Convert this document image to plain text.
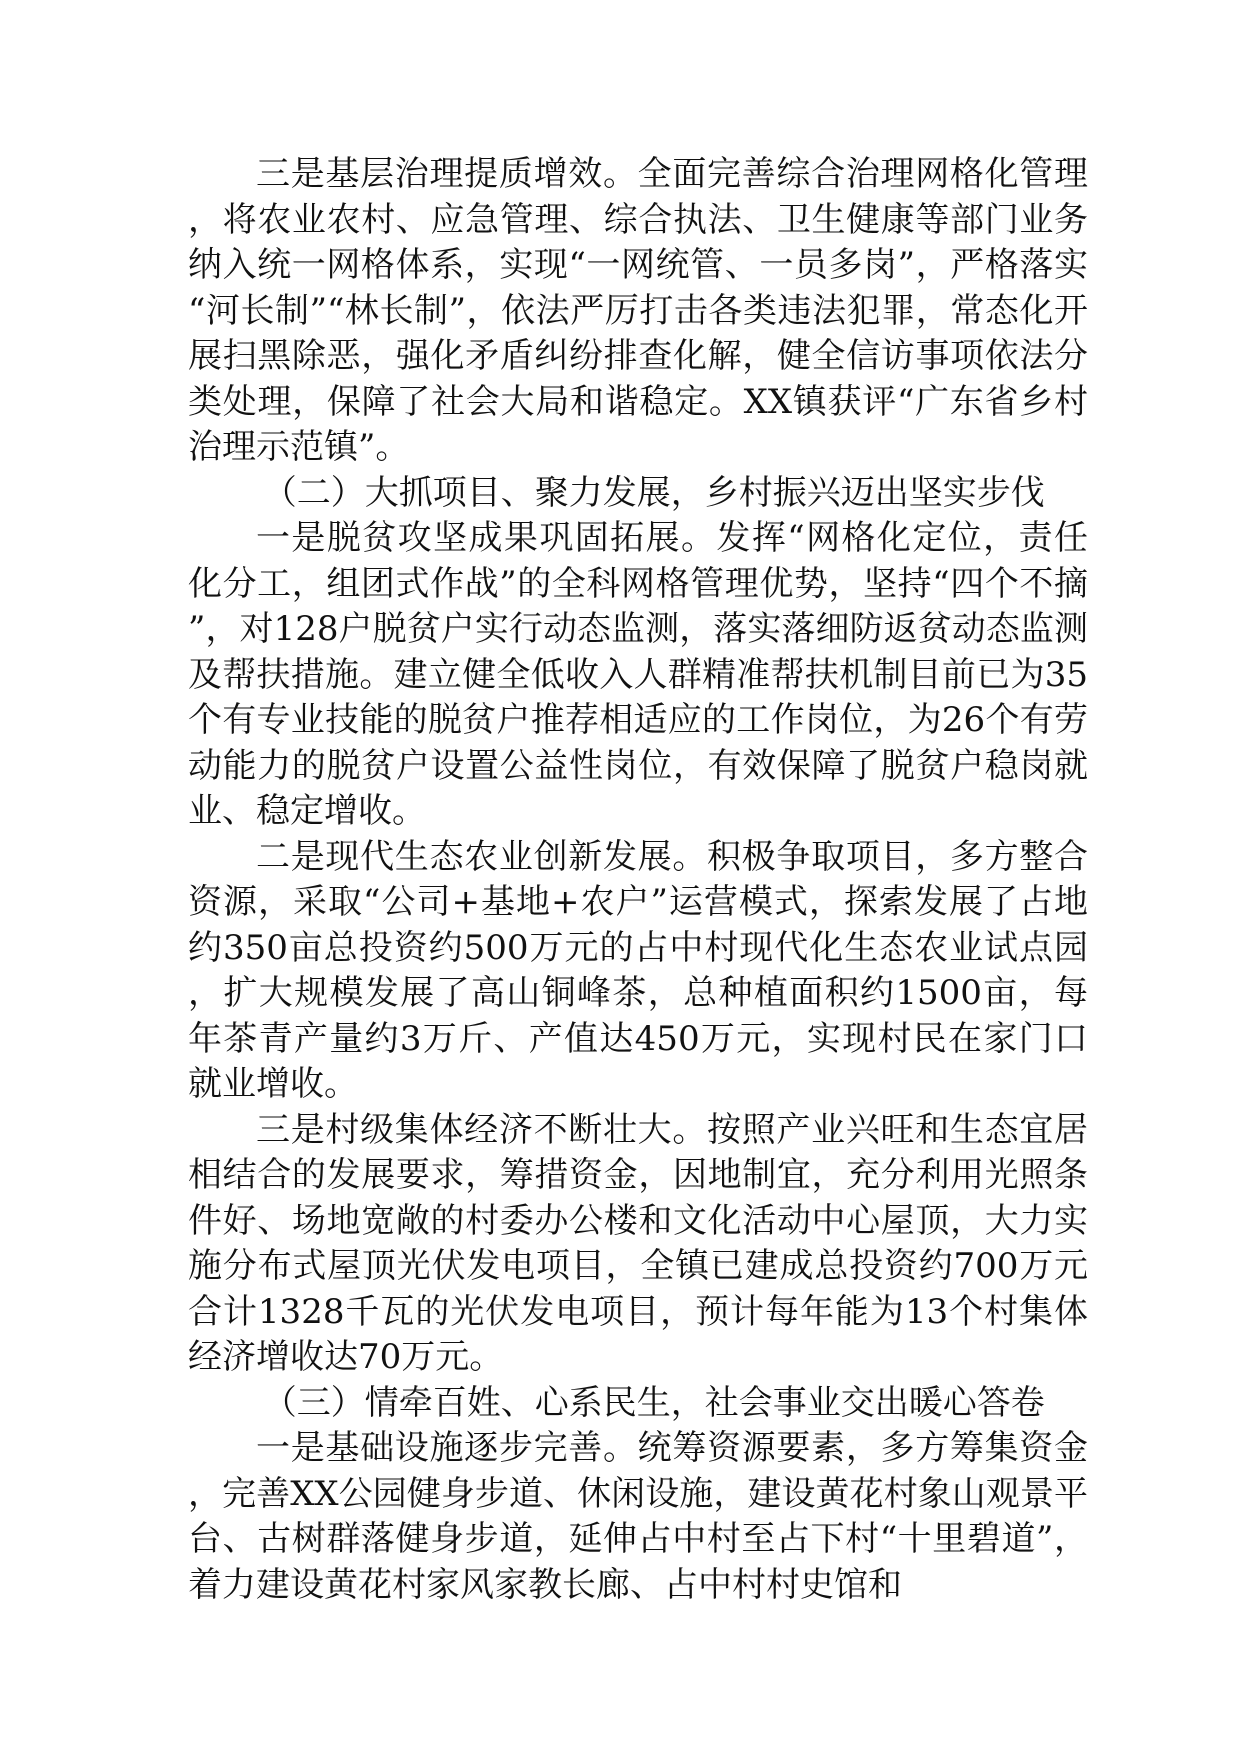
三是基层治理提质增效。全面完善综合治理网格化管理，将农业农村、应急管理、综合执法、卫生健康等部门业务纳入统一网格体系，实现“一网统管、一员多岗”，严格落实“河长制”“林长制”，依法严厉打击各类违法犯罪，常态化开展扫黑除恶，强化矛盾纠纷排查化解，健全信访事项依法分类处理，保障了社会大局和谐稳定。XX镇获评“广东省乡村治理示范镇”。

（二）大抓项目、聚力发展，乡村振兴迈出坚实步伐

一是脱贫攻坚成果巩固拓展。发挥“网格化定位，责任化分工，组团式作战”的全科网格管理优势，坚持“四个不摘”，对128户脱贫户实行动态监测，落实落细防返贫动态监测及帮扶措施。建立健全低收入人群精准帮扶机制目前已为35个有专业技能的脱贫户推荐相适应的工作岗位，为26个有劳动能力的脱贫户设置公益性岗位，有效保障了脱贫户稳岗就业、稳定增收。

二是现代生态农业创新发展。积极争取项目，多方整合资源，采取“公司+基地+农户”运营模式，探索发展了占地约350亩总投资约500万元的占中村现代化生态农业试点园，扩大规模发展了高山铜峰茶，总种植面积约1500亩，每年茶青产量约3万斤、产值达450万元，实现村民在家门口就业增收。

三是村级集体经济不断壮大。按照产业兴旺和生态宜居相结合的发展要求，筹措资金，因地制宜，充分利用光照条件好、场地宽敞的村委办公楼和文化活动中心屋顶，大力实施分布式屋顶光伏发电项目，全镇已建成总投资约700万元合计1328千瓦的光伏发电项目，预计每年能为13个村集体经济增收达70万元。

（三）情牵百姓、心系民生，社会事业交出暖心答卷

一是基础设施逐步完善。统筹资源要素，多方筹集资金，完善XX公园健身步道、休闲设施，建设黄花村象山观景平台、古树群落健身步道，延伸占中村至占下村“十里碧道”，着力建设黄花村家风家教长廊、占中村村史馆和
